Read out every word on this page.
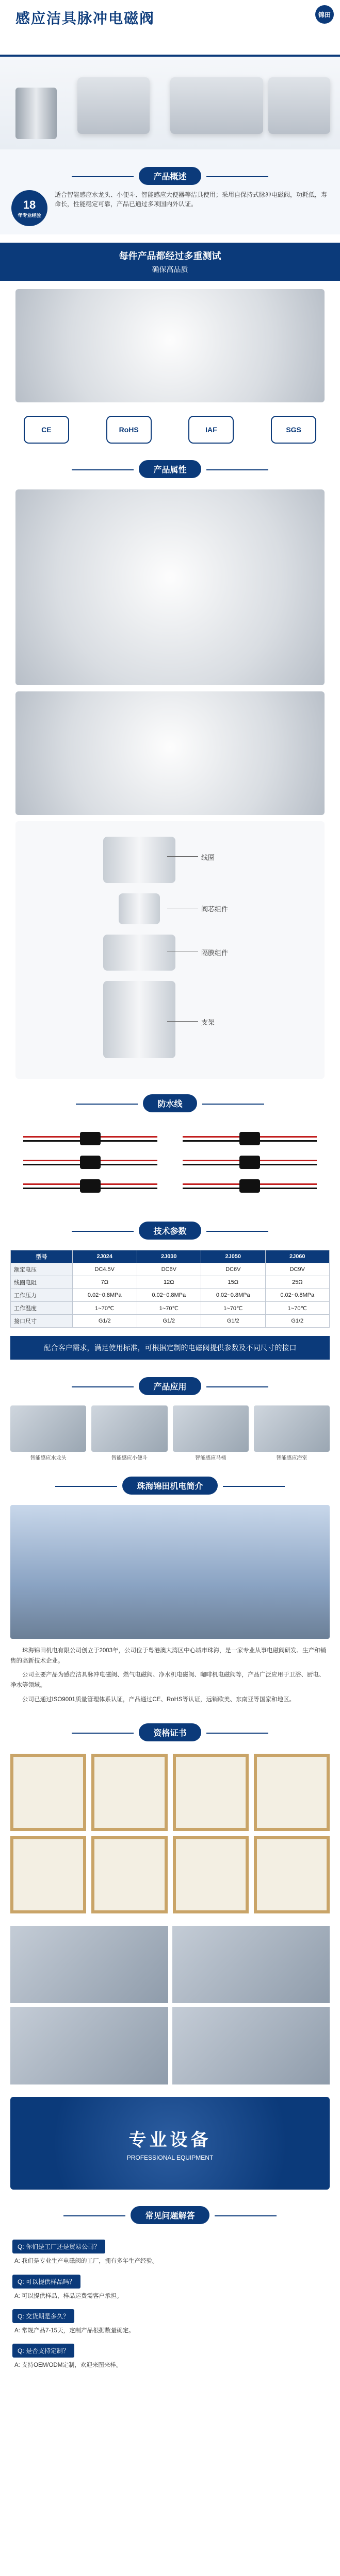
感应洁具脉冲电磁阀	锦田
产品概述
18
年专业经验
适合智能感应水龙头、小便斗、智能感应大便器等洁具使用；采用自保持式脉冲电磁阀，功耗低，寿命长，性能稳定可靠，产品已通过多项国内外认证。
每件产品都经过多重测试
确保高品质
CE	RoHS	IAF	SGS
产品属性
线圈
阀芯组件
隔膜组件
支架
防水线
技术参数
型号	2J024	2J030	2J050	2J060
额定电压	DC4.5V	DC6V	DC6V	DC9V
线圈电阻	7Ω	12Ω	15Ω	25Ω
工作压力	0.02~0.8MPa	0.02~0.8MPa	0.02~0.8MPa	0.02~0.8MPa
工作温度	1~70℃	1~70℃	1~70℃	1~70℃
接口尺寸	G1/2	G1/2	G1/2	G1/2
配合客户需求，满足使用标准，可根据定制的电磁阀提供参数及不同尺寸的接口
产品应用
智能感应水龙头	智能感应小便斗	智能感应马桶	智能感应浴室
珠海锦田机电简介

珠海锦田机电有限公司创立于2003年，公司位于粤港澳大湾区中心城市珠海，是一家专业从事电磁阀研发、生产和销售的高新技术企业。

公司主要产品为感应洁具脉冲电磁阀、燃气电磁阀、净水机电磁阀、咖啡机电磁阀等，产品广泛应用于卫浴、厨电、净水等领域。

公司已通过ISO9001质量管理体系认证，产品通过CE、RoHS等认证，远销欧美、东南亚等国家和地区。

资格证书
专业设备
PROFESSIONAL EQUIPMENT
常见问题解答
Q: 你们是工厂还是贸易公司？
A: 我们是专业生产电磁阀的工厂，拥有多年生产经验。
Q: 可以提供样品吗？
A: 可以提供样品，样品运费需客户承担。
Q: 交货期是多久？
A: 常规产品7-15天，定制产品根据数量确定。
Q: 是否支持定制？
A: 支持OEM/ODM定制，欢迎来图来样。
